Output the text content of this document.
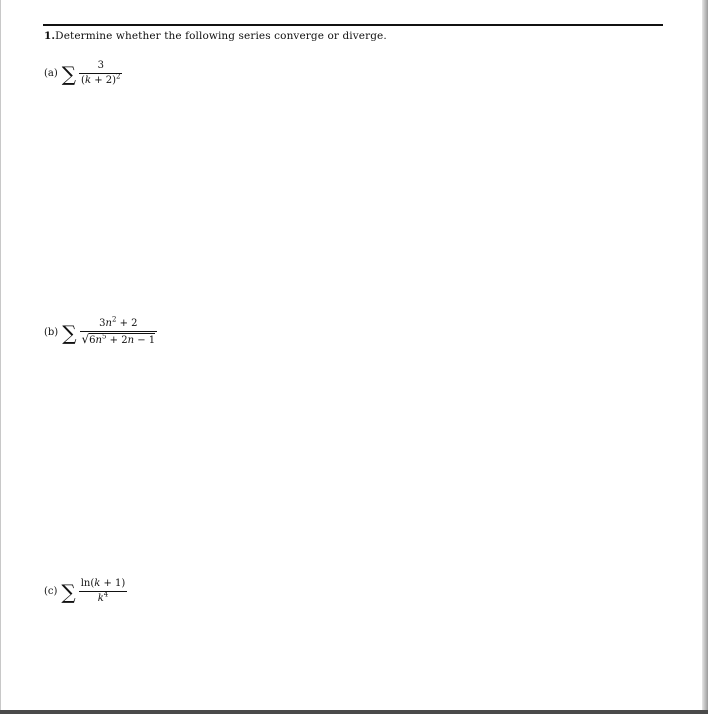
1.Determine whether the following series converge or diverge.
(a) ∑ $\frac{3}{(k + 2)^2}$
(b) ∑ $\frac{3n^2 + 2}{√ 6n^5 + 2n - 1}$
(c) ∑ $\frac{\ln(k + 1)}{k^4}$
